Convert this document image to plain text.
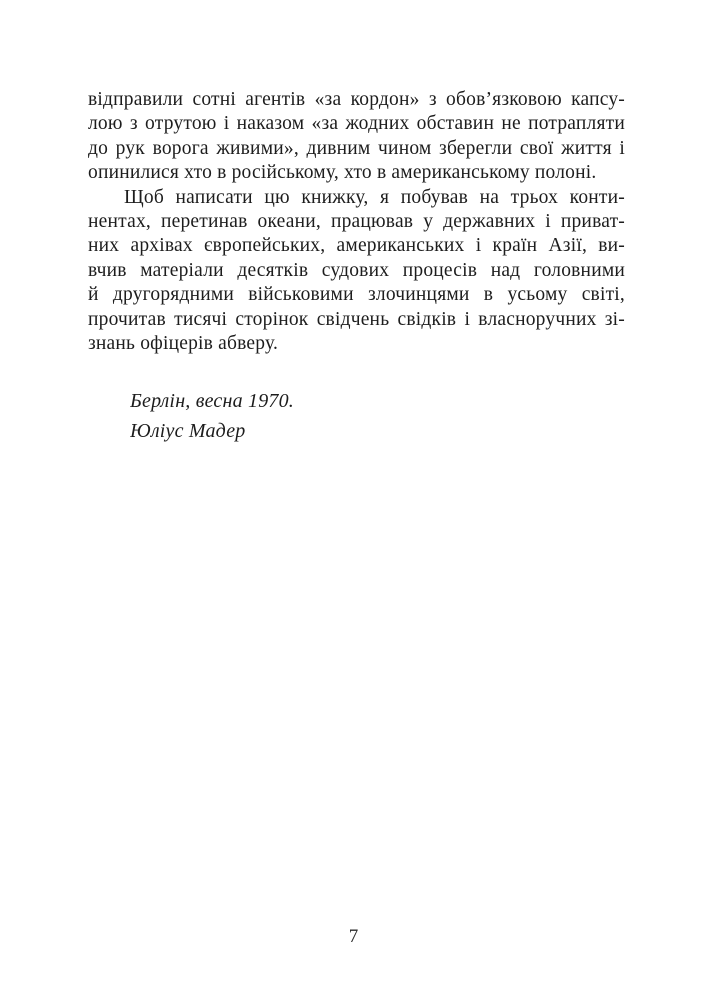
відправили сотні агентів «за кордон» з обов’язковою капсу-
лою з отрутою і наказом «за жодних обставин не потрапляти
до рук ворога живими», дивним чином зберегли свої життя і
опинилися хто в російському, хто в американському полоні.
Щоб написати цю книжку, я побував на трьох конти-
нентах, перетинав океани, працював у державних і приват-
них архівах європейських, американських і країн Азії, ви-
вчив матеріали десятків судових процесів над головними
й другорядними військовими злочинцями в усьому світі,
прочитав тисячі сторінок свідчень свідків і власноручних зі-
знань офіцерів абверу.
Берлін, весна 1970.
Юліус Мадер
7
